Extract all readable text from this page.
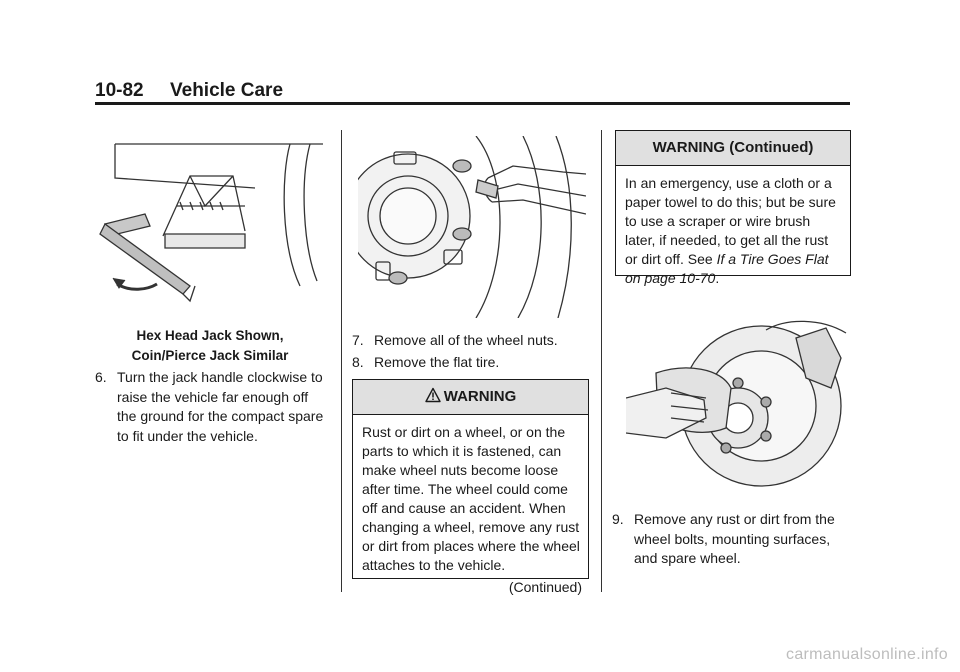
10-82 Vehicle Care
Hex Head Jack Shown,
Coin/Pierce Jack Similar
6. Turn the jack handle clockwise to raise the vehicle far enough off the ground for the compact spare to fit under the vehicle.
7. Remove all of the wheel nuts.
8. Remove the flat tire.
WARNING
Rust or dirt on a wheel, or on the parts to which it is fastened, can make wheel nuts become loose after time. The wheel could come off and cause an accident. When changing a wheel, remove any rust or dirt from places where the wheel attaches to the vehicle.
(Continued)
WARNING (Continued)
In an emergency, use a cloth or a paper towel to do this; but be sure to use a scraper or wire brush later, if needed, to get all the rust or dirt off. See If a Tire Goes Flat on page 10-70.
9. Remove any rust or dirt from the wheel bolts, mounting surfaces, and spare wheel.
carmanualsonline.info
